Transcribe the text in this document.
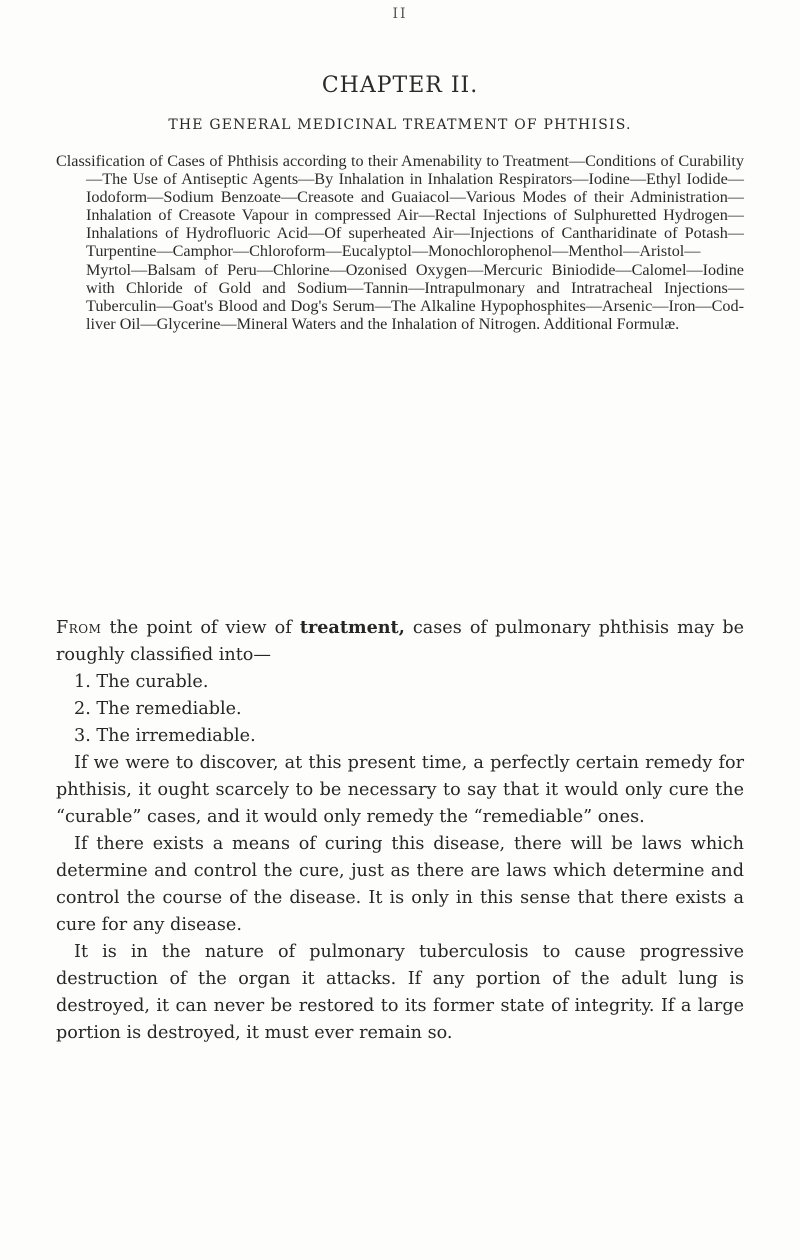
II
CHAPTER II.
THE GENERAL MEDICINAL TREATMENT OF PHTHISIS.

Classification of Cases of Phthisis according to their Amenability to Treatment—Conditions of Curability—The Use of Antiseptic Agents—By Inhalation in Inhalation Respirators—Iodine—Ethyl Iodide—Iodoform—Sodium Benzoate—Creasote and Guaiacol—Various Modes of their Administration—Inhalation of Creasote Vapour in compressed Air—Rectal Injections of Sulphuretted Hydrogen—Inhalations of Hydrofluoric Acid—Of superheated Air—Injections of Cantharidinate of Potash—Turpentine—Camphor—Chloroform—Eucalyptol—Monochlorophenol—Menthol—Aristol—Myrtol—Balsam of Peru—Chlorine—Ozonised Oxygen—Mercuric Biniodide—Calomel—Iodine with Chloride of Gold and Sodium—Tannin—Intrapulmonary and Intratracheal Injections—Tuberculin—Goat's Blood and Dog's Serum—The Alkaline Hypophosphites—Arsenic—Iron—Cod-liver Oil—Glycerine—Mineral Waters and the Inhalation of Nitrogen. Additional Formulæ.

From the point of view of treatment, cases of pulmonary phthisis may be roughly classified into—

1. The curable.
2. The remediable.
3. The irremediable.

If we were to discover, at this present time, a perfectly certain remedy for phthisis, it ought scarcely to be necessary to say that it would only cure the “curable” cases, and it would only remedy the “remediable” ones.

If there exists a means of curing this disease, there will be laws which determine and control the cure, just as there are laws which determine and control the course of the disease. It is only in this sense that there exists a cure for any disease.

It is in the nature of pulmonary tuberculosis to cause progressive destruction of the organ it attacks. If any portion of the adult lung is destroyed, it can never be restored to its former state of integrity. If a large portion is destroyed, it must ever remain so.
